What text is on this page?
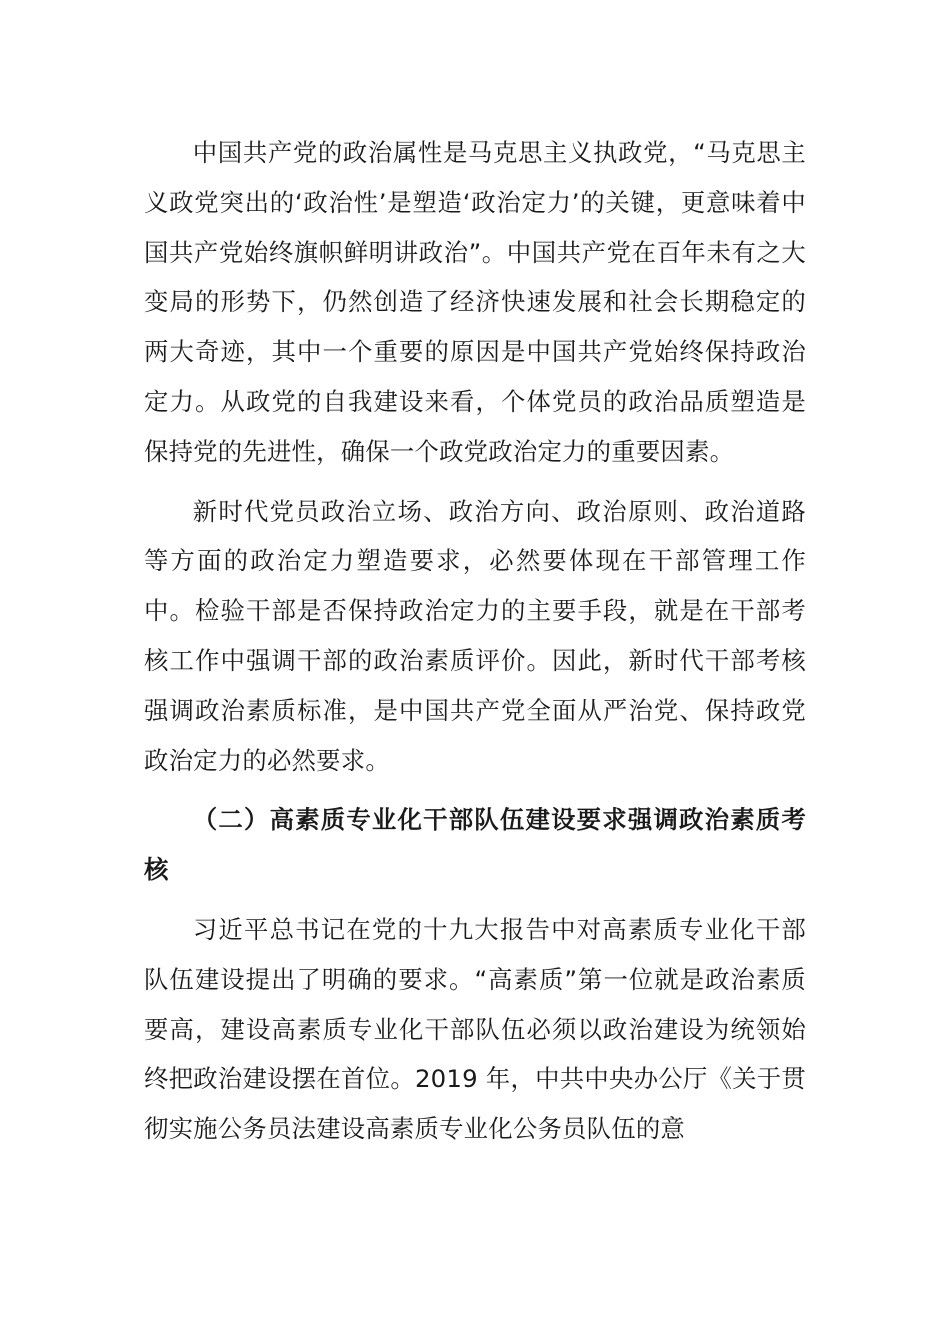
中国共产党的政治属性是马克思主义执政党，“马克思主义政党突出的‘政治性’是塑造‘政治定力’的关键，更意味着中国共产党始终旗帜鲜明讲政治”。中国共产党在百年未有之大变局的形势下，仍然创造了经济快速发展和社会长期稳定的两大奇迹，其中一个重要的原因是中国共产党始终保持政治定力。从政党的自我建设来看，个体党员的政治品质塑造是保持党的先进性，确保一个政党政治定力的重要因素。

新时代党员政治立场、政治方向、政治原则、政治道路等方面的政治定力塑造要求，必然要体现在干部管理工作中。检验干部是否保持政治定力的主要手段，就是在干部考核工作中强调干部的政治素质评价。因此，新时代干部考核强调政治素质标准，是中国共产党全面从严治党、保持政党政治定力的必然要求。

（二）高素质专业化干部队伍建设要求强调政治素质考核

习近平总书记在党的十九大报告中对高素质专业化干部队伍建设提出了明确的要求。“高素质”第一位就是政治素质要高，建设高素质专业化干部队伍必须以政治建设为统领始终把政治建设摆在首位。2019 年，中共中央办公厅《关于贯彻实施公务员法建设高素质专业化公务员队伍的意
